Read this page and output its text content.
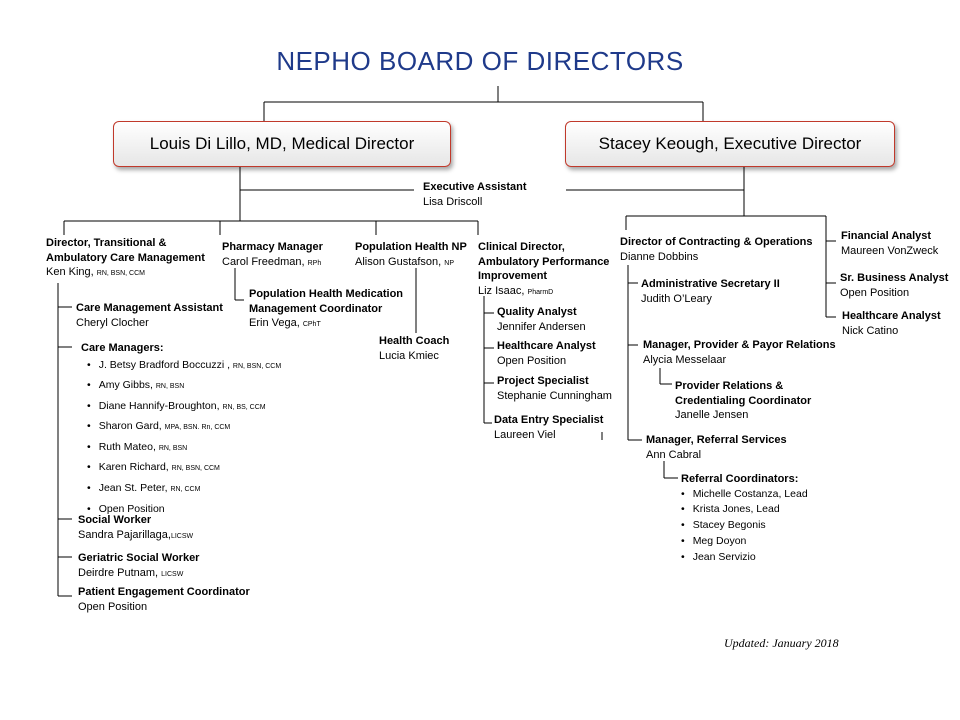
NEPHO BOARD OF DIRECTORS
Louis Di Lillo, MD, Medical Director	Stacey Keough, Executive Director
Executive Assistant
Lisa Driscoll
Director, Transitional &
Ambulatory Care Management
Ken King, RN, BSN, CCM
Pharmacy Manager
Carol Freedman, RPh
Population Health NP
Alison Gustafson, NP
Clinical Director,
Ambulatory Performance
Improvement
Liz Isaac, PharmD
Population Health Medication
Management Coordinator
Erin Vega, CPhT
Health Coach
Lucia Kmiec
Care Management Assistant
Cheryl Clocher
Care Managers:
• J. Betsy Bradford Boccuzzi , RN, BSN, CCM
• Amy Gibbs, RN, BSN
• Diane Hannify-Broughton, RN, BS, CCM
• Sharon Gard, MPA, BSN. Rn, CCM
• Ruth Mateo, RN, BSN
• Karen Richard, RN, BSN, CCM
• Jean St. Peter, RN, CCM
• Open Position
Social Worker
Sandra Pajarillaga,LICSW
Geriatric Social Worker
Deirdre Putnam, LICSW
Patient Engagement Coordinator
Open Position
Quality Analyst
Jennifer Andersen
Healthcare Analyst
Open Position
Project Specialist
Stephanie Cunningham
Data Entry Specialist
Laureen Viel
Director of Contracting & Operations
Dianne Dobbins
Administrative Secretary II
Judith O’Leary
Manager, Provider & Payor Relations
Alycia Messelaar
Provider Relations &
Credentialing Coordinator
Janelle Jensen
Manager, Referral Services
Ann Cabral
Referral Coordinators:
• Michelle Costanza, Lead
• Krista Jones, Lead
• Stacey Begonis
• Meg Doyon
• Jean Servizio
Financial Analyst
Maureen VonZweck
Sr. Business Analyst
Open Position
Healthcare Analyst
Nick Catino
Updated: January 2018
